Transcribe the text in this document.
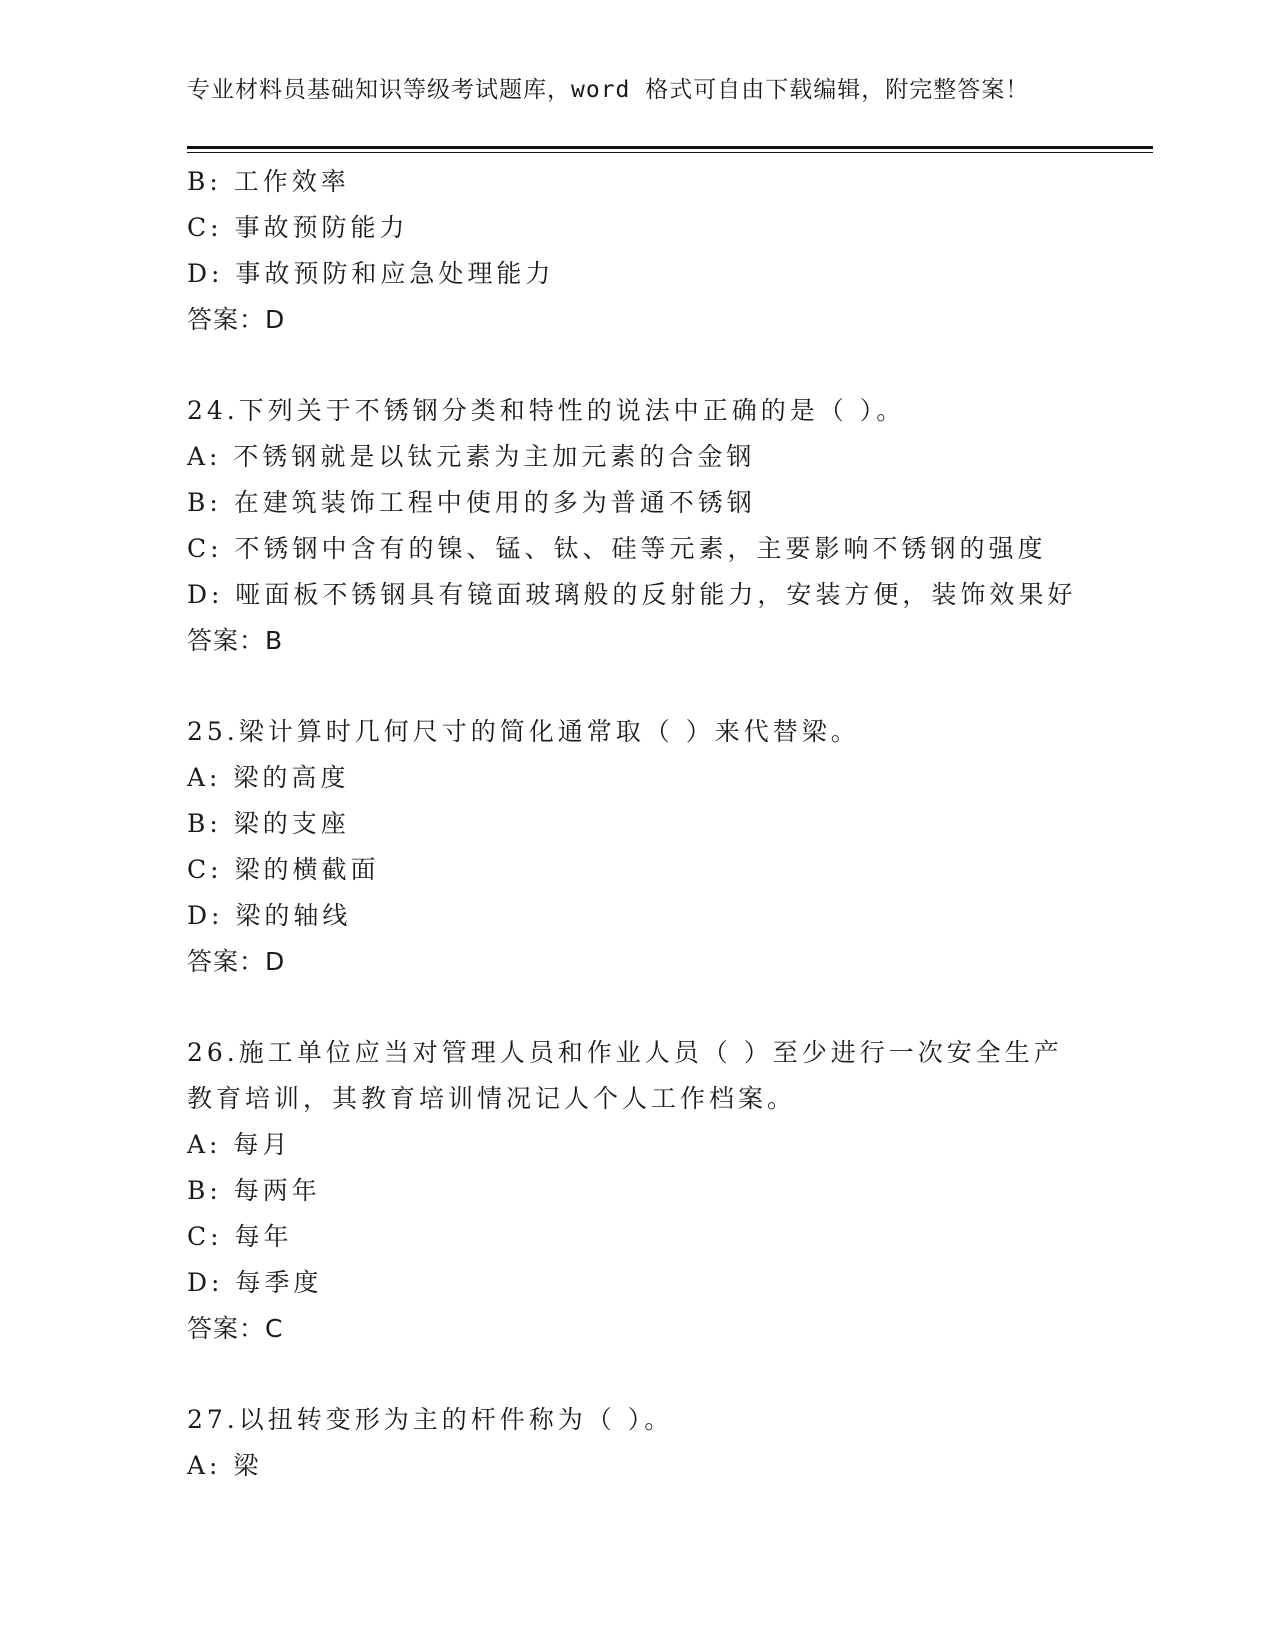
专业材料员基础知识等级考试题库，word 格式可自由下载编辑，附完整答案！
B: 工作效率
C: 事故预防能力
D: 事故预防和应急处理能力
答案：D
24.下列关于不锈钢分类和特性的说法中正确的是（ ）。
A: 不锈钢就是以钛元素为主加元素的合金钢
B: 在建筑装饰工程中使用的多为普通不锈钢
C: 不锈钢中含有的镍、锰、钛、硅等元素，主要影响不锈钢的强度
D: 哑面板不锈钢具有镜面玻璃般的反射能力，安装方便，装饰效果好
答案：B
25.梁计算时几何尺寸的简化通常取（ ）来代替梁。
A: 梁的高度
B: 梁的支座
C: 梁的横截面
D: 梁的轴线
答案：D
26.施工单位应当对管理人员和作业人员（ ）至少进行一次安全生产
教育培训，其教育培训情况记人个人工作档案。
A: 每月
B: 每两年
C: 每年
D: 每季度
答案：C
27.以扭转变形为主的杆件称为（ ）。
A: 梁
